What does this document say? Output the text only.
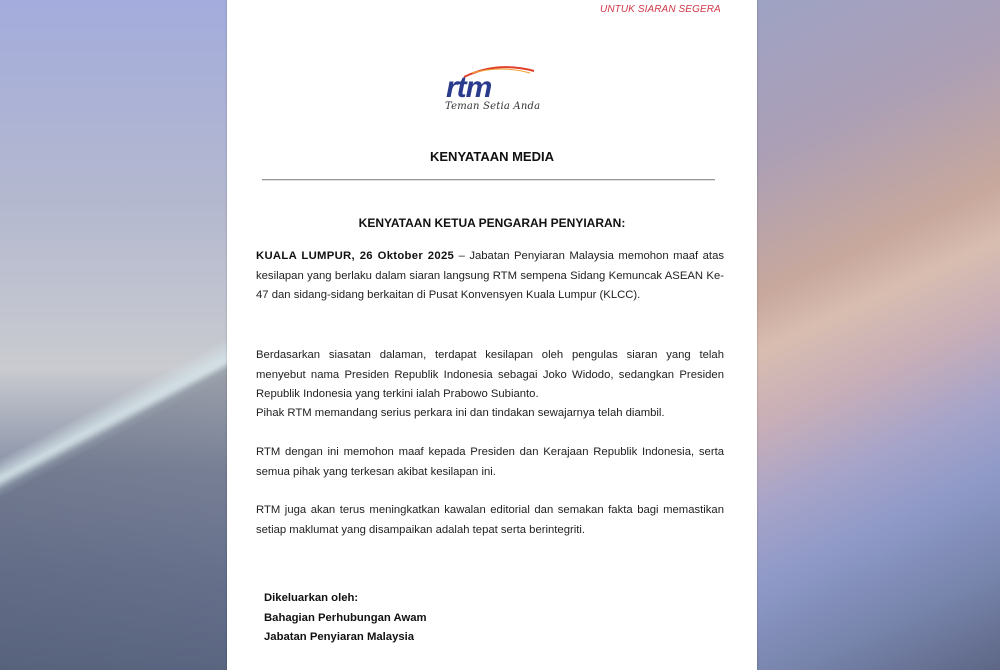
UNTUK SIARAN SEGERA
rtm
Teman Setia Anda
KENYATAAN MEDIA
KENYATAAN KETUA PENGARAH PENYIARAN:
KUALA LUMPUR, 26 Oktober 2025 – Jabatan Penyiaran Malaysia memohon maaf atas kesilapan yang berlaku dalam siaran langsung RTM sempena Sidang Kemuncak ASEAN Ke-47 dan sidang-sidang berkaitan di Pusat Konvensyen Kuala Lumpur (KLCC).
Berdasarkan siasatan dalaman, terdapat kesilapan oleh pengulas siaran yang telah menyebut nama Presiden Republik Indonesia sebagai Joko Widodo, sedangkan Presiden Republik Indonesia yang terkini ialah Prabowo Subianto.
Pihak RTM memandang serius perkara ini dan tindakan sewajarnya telah diambil.
RTM dengan ini memohon maaf kepada Presiden dan Kerajaan Republik Indonesia, serta semua pihak yang terkesan akibat kesilapan ini.
RTM juga akan terus meningkatkan kawalan editorial dan semakan fakta bagi memastikan setiap maklumat yang disampaikan adalah tepat serta berintegriti.
Dikeluarkan oleh:
Bahagian Perhubungan Awam
Jabatan Penyiaran Malaysia
